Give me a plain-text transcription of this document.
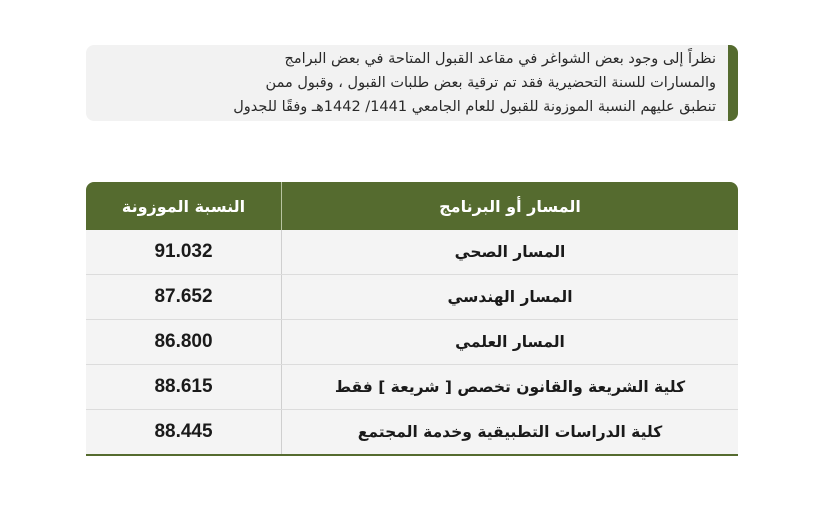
نظراً إلى وجود بعض الشواغر في مقاعد القبول المتاحة في بعض البرامج
والمسارات للسنة التحضيرية فقد تم ترقية بعض طلبات القبول ، وقبول ممن
تنطبق عليهم النسبة الموزونة للقبول للعام الجامعي 1441/ 1442هـ وفقًا للجدول
المسار أو البرنامج
النسبة الموزونة
المسار الصحي
91.032
المسار الهندسي
87.652
المسار العلمي
86.800
كلية الشريعة والقانون تخصص [ شريعة ] فقط
88.615
كلية الدراسات التطبيقية وخدمة المجتمع
88.445
